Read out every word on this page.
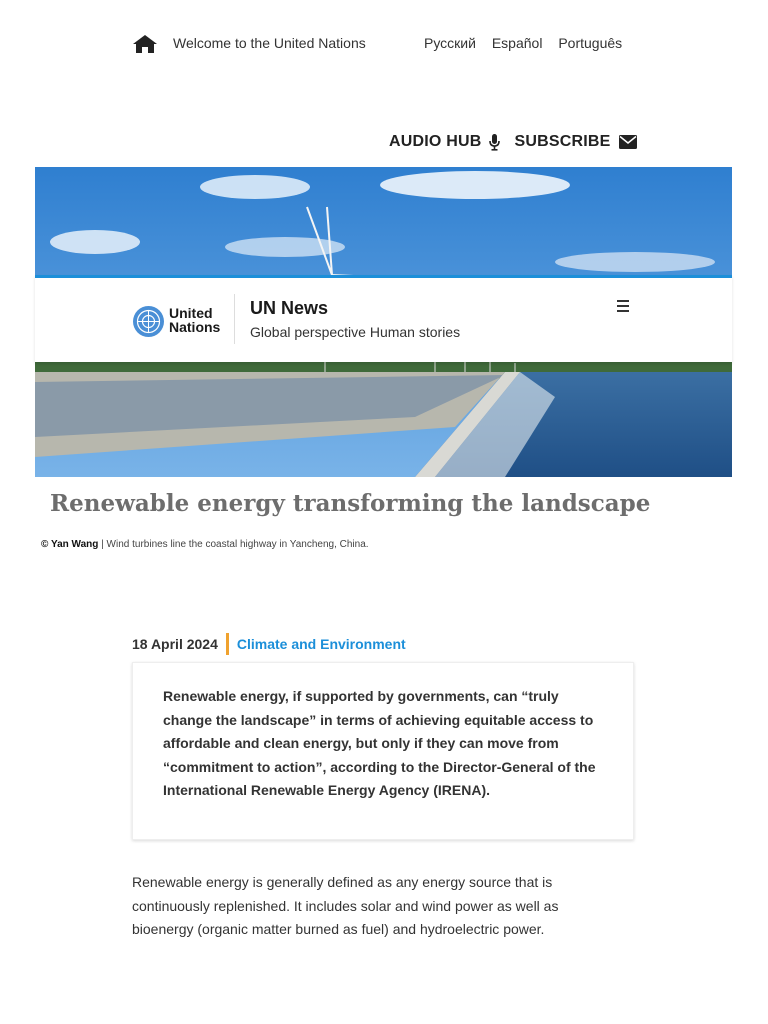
Welcome to the United Nations	Русский Español Português
AUDIO HUB SUBSCRIBE
United
Nations
UN News
Global perspective Human stories
Renewable energy transforming the landscape
© Yan Wang | Wind turbines line the coastal highway in Yancheng, China.
18 April 2024 Climate and Environment

Renewable energy, if supported by governments, can “truly change the landscape” in terms of achieving equitable access to affordable and clean energy, but only if they can move from “commitment to action”, according to the Director-General of the International Renewable Energy Agency (IRENA).

Renewable energy is generally defined as any energy source that is continuously replenished. It includes solar and wind power as well as bioenergy (organic matter burned as fuel) and hydroelectric power.
